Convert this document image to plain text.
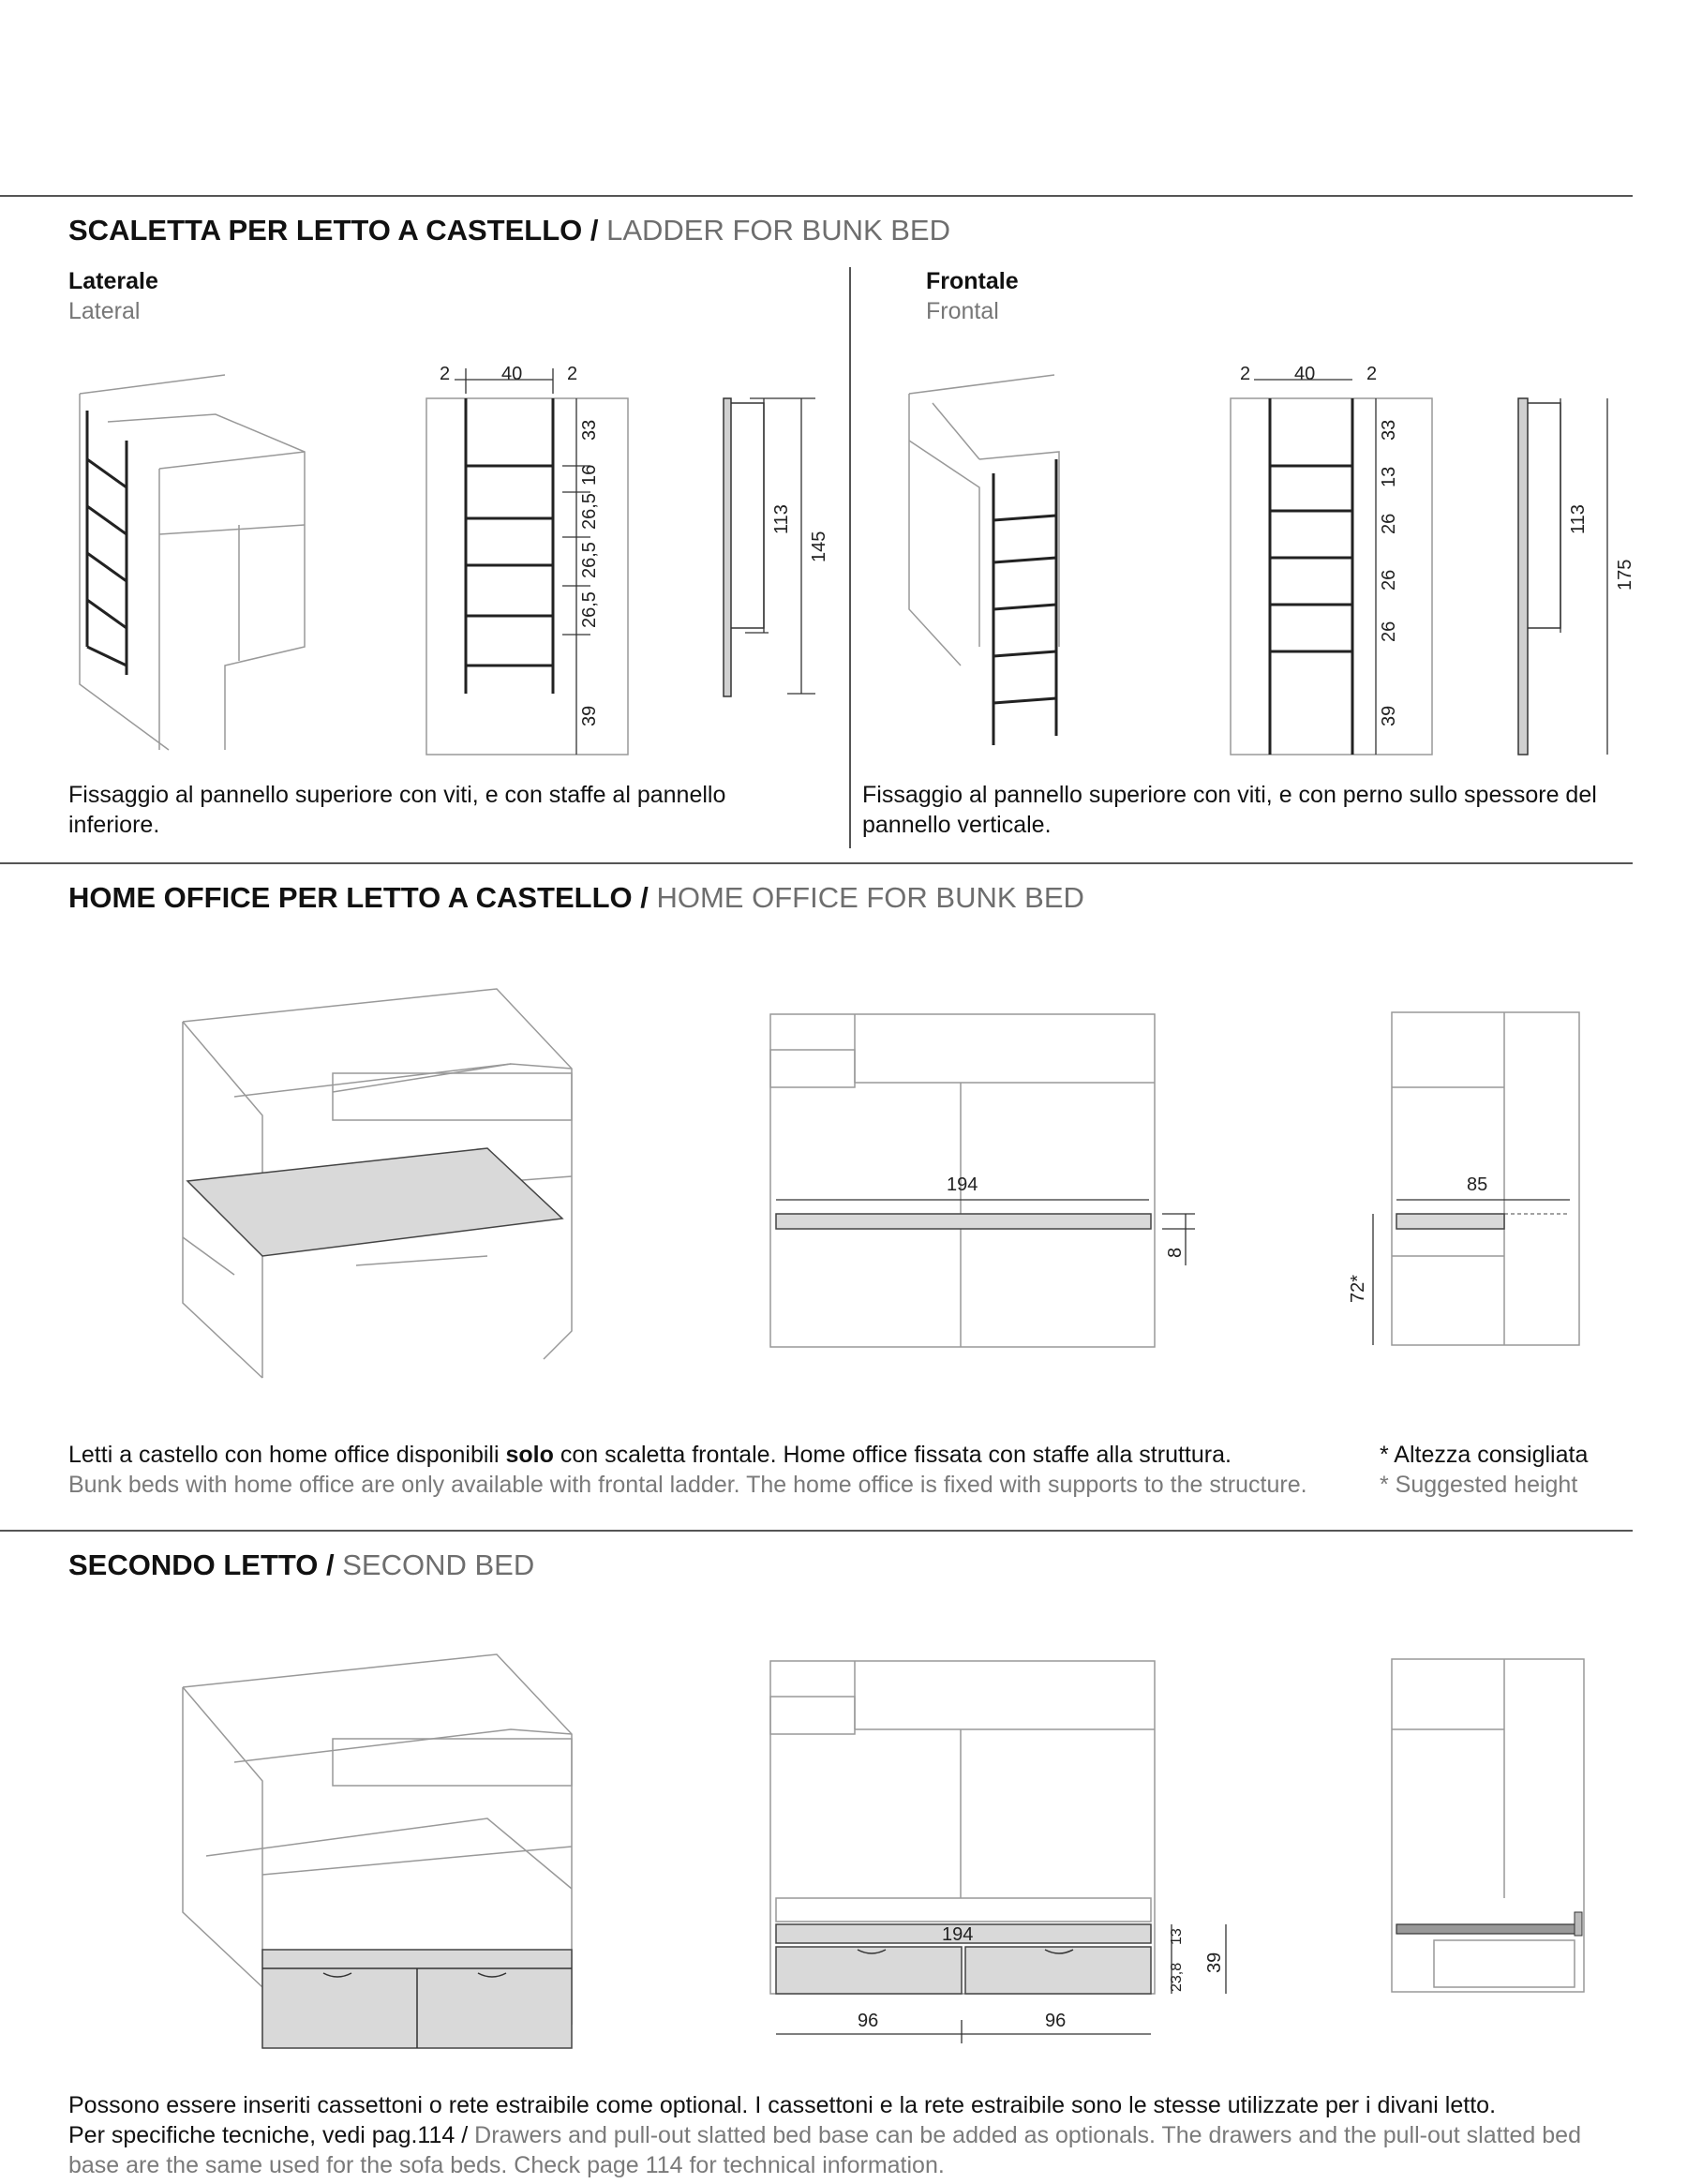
SCALETTA PER LETTO A CASTELLO / LADDER FOR BUNK BED
Laterale
Lateral
Frontale
Frontal
2	40 2
33
16
26,5
26,5
26,5
39
113
145
2 40	2
33
13
26
26
26
39
113
175
Fissaggio al pannello superiore con viti, e con staffe al pannello inferiore.
Fissaggio al pannello superiore con viti, e con perno sullo spessore del pannello verticale.
HOME OFFICE PER LETTO A CASTELLO / HOME OFFICE FOR BUNK BED
194
8
85
72*
Letti a castello con home office disponibili solo con scaletta frontale. Home office fissata con staffe alla struttura.
Bunk beds with home office are only available with frontal ladder. The home office is fixed with supports to the structure.
* Altezza consigliata
* Suggested height
SECONDO LETTO / SECOND BED
194
96	96
13
23,8 39
Possono essere inseriti cassettoni o rete estraibile come optional. I cassettoni e la rete estraibile sono le stesse utilizzate per i divani letto.
Per specifiche tecniche, vedi pag.114 / Drawers and pull-out slatted bed base can be added as optionals. The drawers and the pull-out slatted bed base are the same used for the sofa beds. Check page 114 for technical information.
